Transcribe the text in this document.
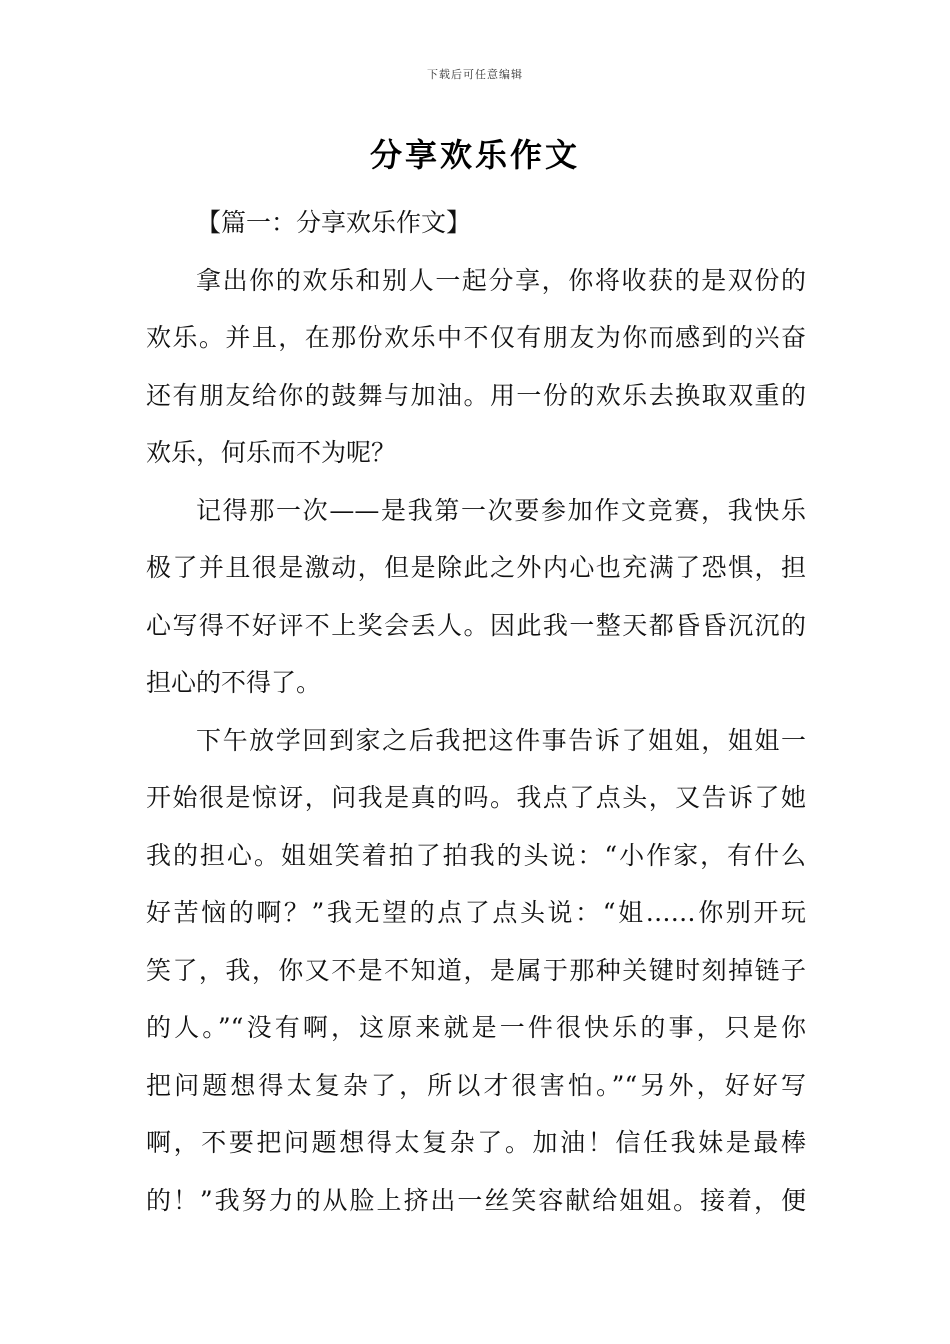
下载后可任意编辑
分享欢乐作文
【篇一：分享欢乐作文】
拿出你的欢乐和别人一起分享，你将收获的是双份的
欢乐。并且，在那份欢乐中不仅有朋友为你而感到的兴奋
还有朋友给你的鼓舞与加油。用一份的欢乐去换取双重的
欢乐，何乐而不为呢？
记得那一次——是我第一次要参加作文竞赛，我快乐
极了并且很是激动，但是除此之外内心也充满了恐惧，担
心写得不好评不上奖会丢人。因此我一整天都昏昏沉沉的
担心的不得了。
下午放学回到家之后我把这件事告诉了姐姐，姐姐一
开始很是惊讶，问我是真的吗。我点了点头，又告诉了她
我的担心。姐姐笑着拍了拍我的头说：“小作家，有什么
好苦恼的啊？”我无望的点了点头说：“姐……你别开玩
笑了，我，你又不是不知道，是属于那种关键时刻掉链子
的人。”“没有啊，这原来就是一件很快乐的事，只是你
把问题想得太复杂了，所以才很害怕。”“另外，好好写
啊，不要把问题想得太复杂了。加油！信任我妹是最棒
的！”我努力的从脸上挤出一丝笑容献给姐姐。接着，便
